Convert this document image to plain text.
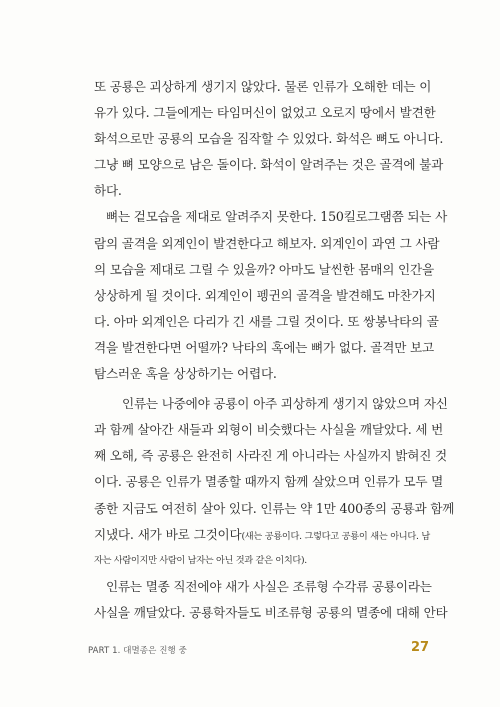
또 공룡은 괴상하게 생기지 않았다. 물론 인류가 오해한 데는 이
유가 있다. 그들에게는 타임머신이 없었고 오로지 땅에서 발견한
화석으로만 공룡의 모습을 짐작할 수 있었다. 화석은 뼈도 아니다.
그냥 뼈 모양으로 남은 돌이다. 화석이 알려주는 것은 골격에 불과
하다.
뼈는 겉모습을 제대로 알려주지 못한다. 150킬로그램쯤 되는 사
람의 골격을 외계인이 발견한다고 해보자. 외계인이 과연 그 사람
의 모습을 제대로 그릴 수 있을까? 아마도 날씬한 몸매의 인간을
상상하게 될 것이다. 외계인이 펭귄의 골격을 발견해도 마찬가지
다. 아마 외계인은 다리가 긴 새를 그릴 것이다. 또 쌍봉낙타의 골
격을 발견한다면 어떨까? 낙타의 혹에는 뼈가 없다. 골격만 보고
탐스러운 혹을 상상하기는 어렵다.
인류는 나중에야 공룡이 아주 괴상하게 생기지 않았으며 자신
과 함께 살아간 새들과 외형이 비슷했다는 사실을 깨달았다. 세 번
째 오해, 즉 공룡은 완전히 사라진 게 아니라는 사실까지 밝혀진 것
이다. 공룡은 인류가 멸종할 때까지 함께 살았으며 인류가 모두 멸
종한 지금도 여전히 살아 있다. 인류는 약 1만 400종의 공룡과 함께
지냈다. 새가 바로 그것이다(새는 공룡이다. 그렇다고 공룡이 새는 아니다. 남
자는 사람이지만 사람이 남자는 아닌 것과 같은 이치다).
인류는 멸종 직전에야 새가 사실은 조류형 수각류 공룡이라는
사실을 깨달았다. 공룡학자들도 비조류형 공룡의 멸종에 대해 안타
PART 1. 대멸종은 진행 중	27
